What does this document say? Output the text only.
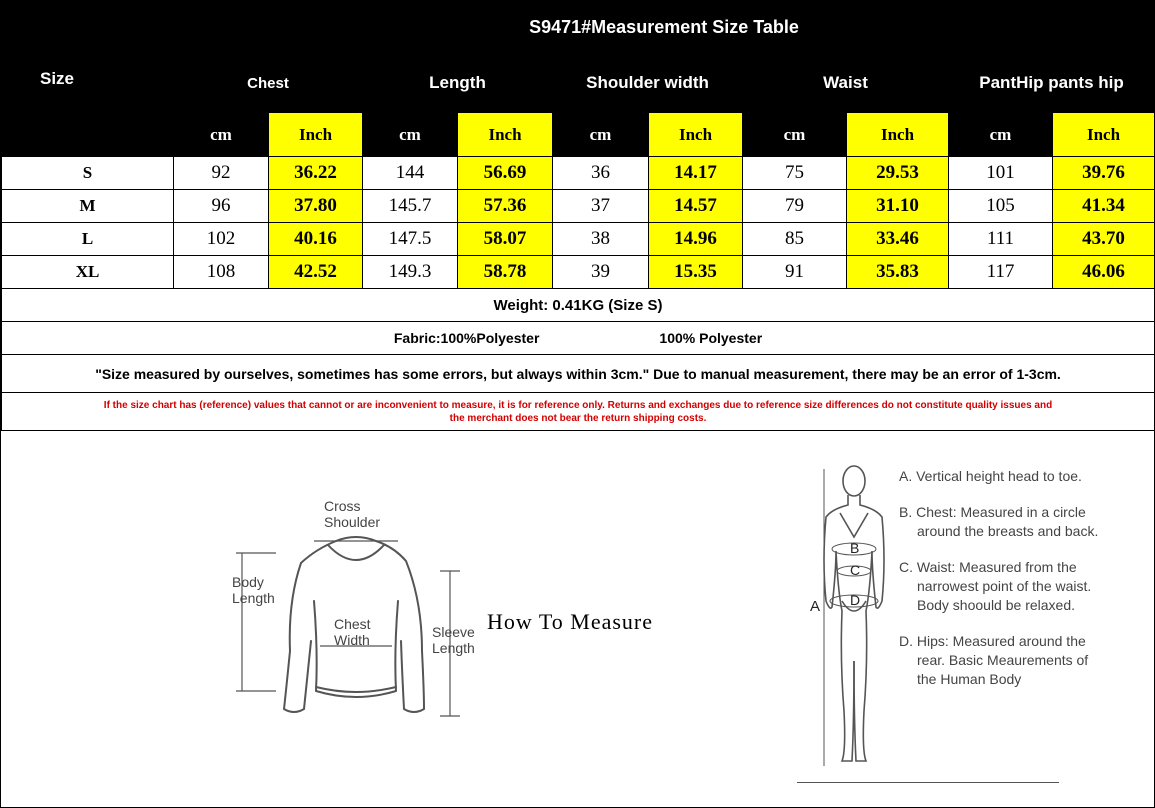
Size	S9471#Measurement Size Table									
	Chest		Length		Shoulder width		Waist		PantHip pants hip	
	cm	Inch	cm	Inch	cm	Inch	cm	Inch	cm	Inch
S	92	36.22	144	56.69	36	14.17	75	29.53	101	39.76
M	96	37.80	145.7	57.36	37	14.57	79	31.10	105	41.34
L	102	40.16	147.5	58.07	38	14.96	85	33.46	111	43.70
XL	108	42.52	149.3	58.78	39	15.35	91	35.83	117	46.06
Weight: 0.41KG (Size S)										
Fabric:100%Polyester 100% Polyester										
"Size measured by ourselves, sometimes has some errors, but always within 3cm." Due to manual measurement, there may be an error of 1-3cm.										
If the size chart has (reference) values that cannot or are inconvenient to measure, it is for reference only. Returns and exchanges due to reference size differences do not constitute quality issues and the merchant does not bear the return shipping costs.										
Cross
Shoulder
Body
Length
Chest
Width	Sleeve
Length
How To Measure
A
B
C
D

A. Vertical height head to toe.

B. Chest: Measured in a circle around the breasts and back.

C. Waist: Measured from the narrowest point of the waist. Body shoould be relaxed.

D. Hips: Measured around the rear. Basic Meaurements of the Human Body
